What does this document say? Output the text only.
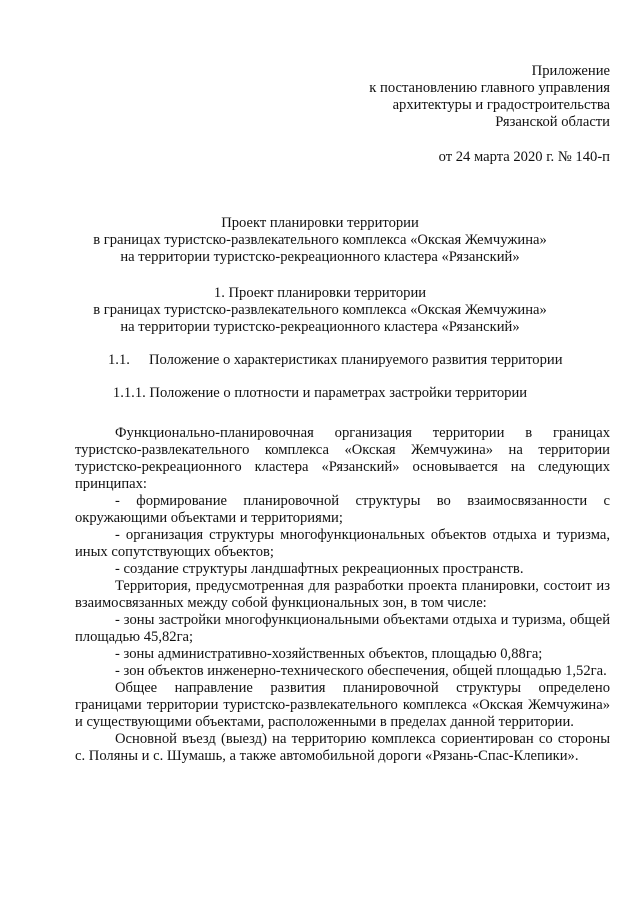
Приложение
к постановлению главного управления
архитектуры и градостроительства
Рязанской области
от 24 марта 2020 г. № 140-п
Проект планировки территории
в границах туристско-развлекательного комплекса «Окская Жемчужина»
на территории туристско-рекреационного кластера «Рязанский»
1. Проект планировки территории
в границах туристско-развлекательного комплекса «Окская Жемчужина»
на территории туристско-рекреационного кластера «Рязанский»
1.1. Положение о характеристиках планируемого развития территории
1.1.1. Положение о плотности и параметрах застройки территории

Функционально-планировочная организация территории в границах туристско-развлекательного комплекса «Окская Жемчужина» на территории туристско-рекреационного кластера «Рязанский» основывается на следующих принципах:

- формирование планировочной структуры во взаимосвязанности с окружающими объектами и территориями;

- организация структуры многофункциональных объектов отдыха и туризма, иных сопутствующих объектов;

- создание структуры ландшафтных рекреационных пространств.

Территория, предусмотренная для разработки проекта планировки, состоит из взаимосвязанных между собой функциональных зон, в том числе:

- зоны застройки многофункциональными объектами отдыха и туризма, общей площадью 45,82га;

- зоны административно-хозяйственных объектов, площадью 0,88га;

- зон объектов инженерно-технического обеспечения, общей площадью 1,52га.

Общее направление развития планировочной структуры определено границами территории туристско-развлекательного комплекса «Окская Жемчужина» и существующими объектами, расположенными в пределах данной территории.

Основной въезд (выезд) на территорию комплекса сориентирован со стороны с. Поляны и с. Шумашь, а также автомобильной дороги «Рязань-Спас-Клепики».
